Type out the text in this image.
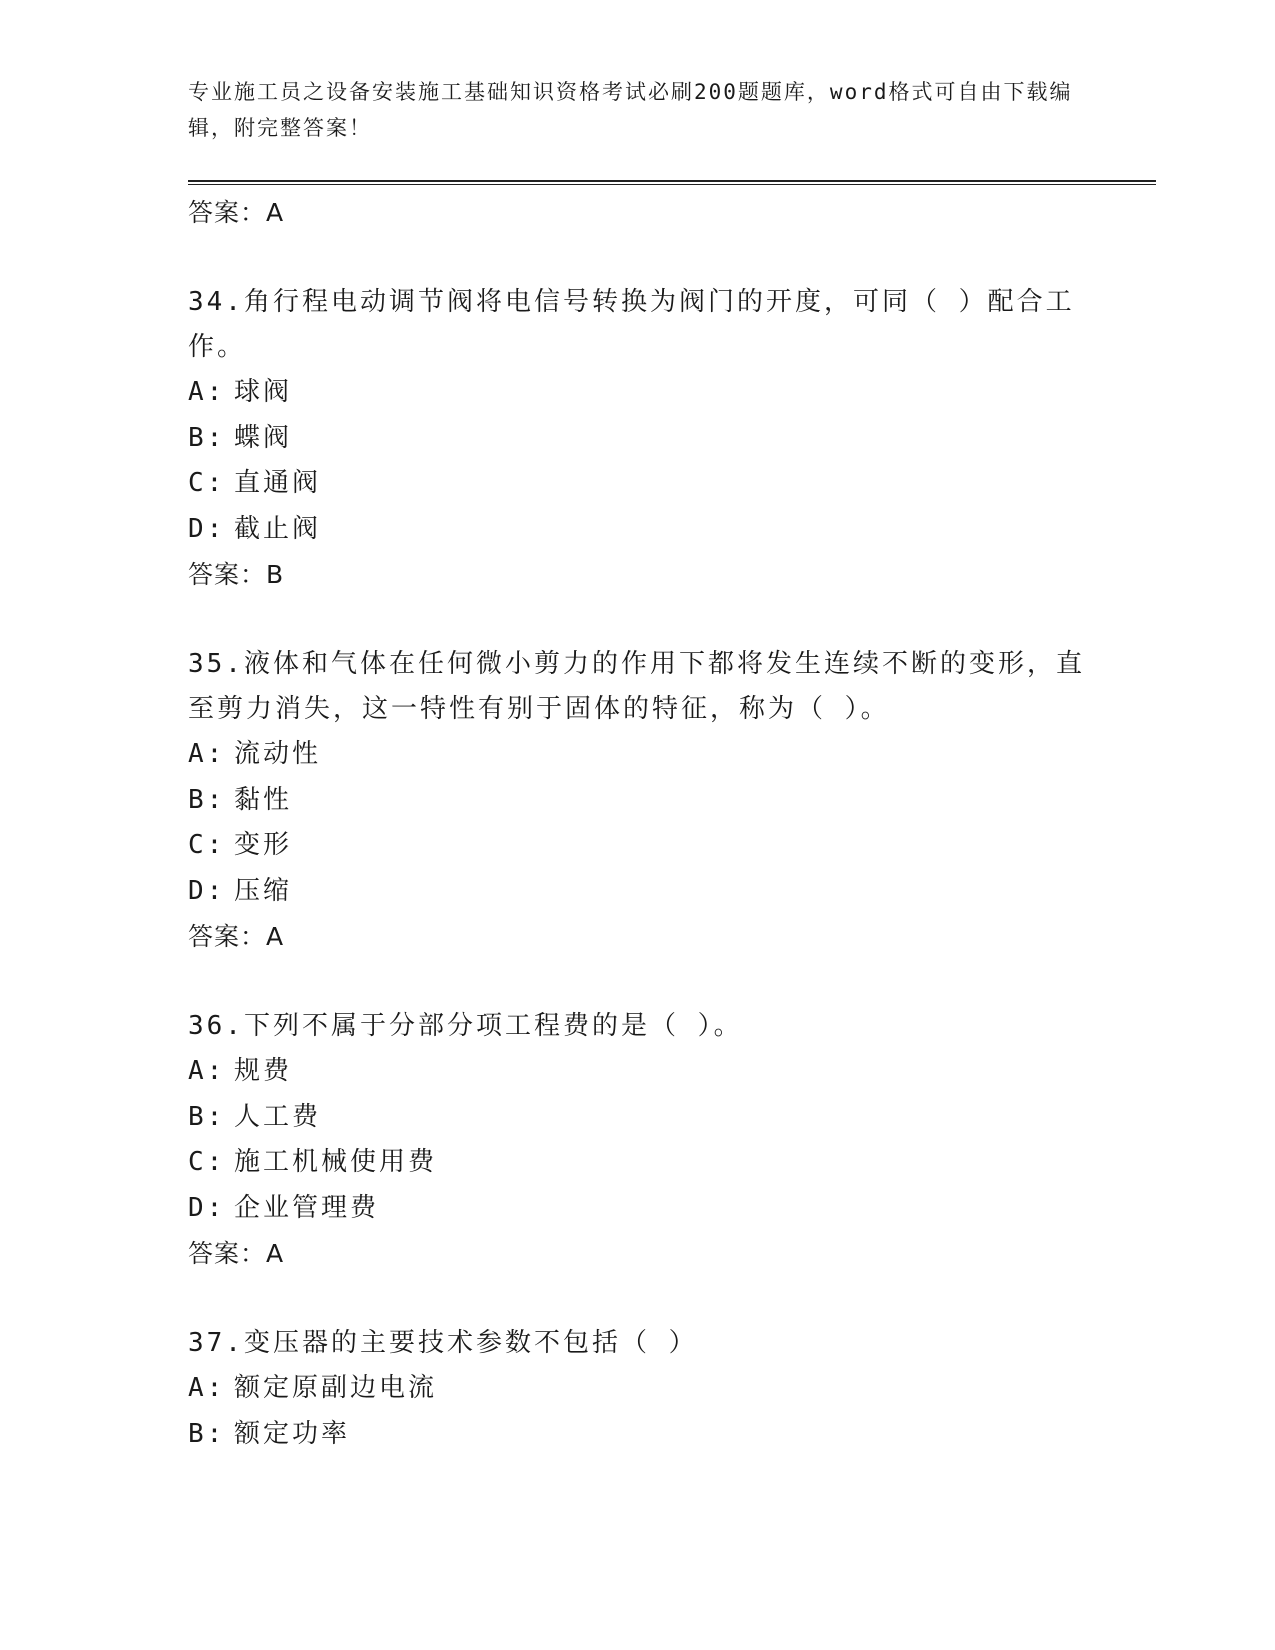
专业施工员之设备安装施工基础知识资格考试必刷200题题库，word格式可自由下载编辑，附完整答案！
答案：A
34.角行程电动调节阀将电信号转换为阀门的开度，可同（ ）配合工作。
A: 球阀
B: 蝶阀
C: 直通阀
D: 截止阀
答案：B
35.液体和气体在任何微小剪力的作用下都将发生连续不断的变形，直至剪力消失，这一特性有别于固体的特征，称为（ ）。
A: 流动性
B: 黏性
C: 变形
D: 压缩
答案：A
36.下列不属于分部分项工程费的是（ ）。
A: 规费
B: 人工费
C: 施工机械使用费
D: 企业管理费
答案：A
37.变压器的主要技术参数不包括（ ）
A: 额定原副边电流
B: 额定功率
